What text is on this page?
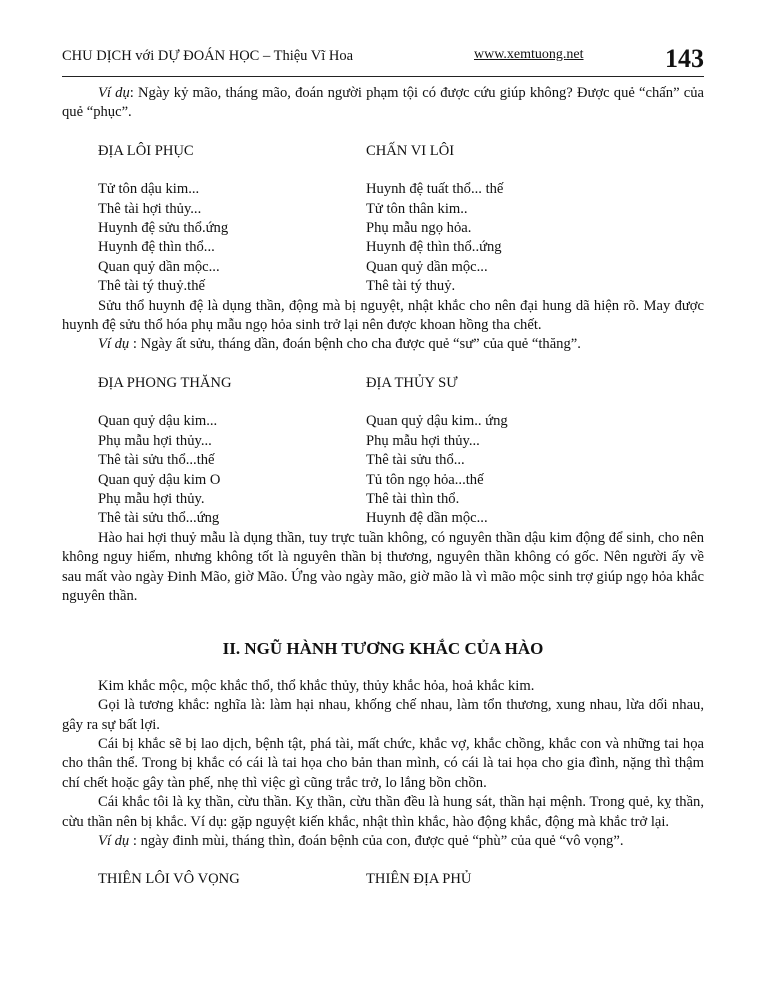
CHU DỊCH với DỰ ĐOÁN HỌC – Thiệu Vĩ Hoa	www.xemtuong.net	143

Ví dụ: Ngày kỷ mão, tháng mão, đoán người phạm tội có được cứu giúp không? Được quẻ “chấn” của quẻ “phục”.

ĐỊA LÔI PHỤC	CHẤN VI LÔI
Tử tôn dậu kim...	Huynh đệ tuất thổ... thế
Thê tài hợi thủy...	Tử tôn thân kim..
Huynh đệ sửu thổ.ứng	Phụ mẫu ngọ hỏa.
Huynh đệ thìn thổ...	Huynh đệ thìn thổ..ứng
Quan quỷ dần mộc...	Quan quỷ dần mộc...
Thê tài tý thuỷ.thế	Thê tài tý thuỷ.

Sửu thổ huynh đệ là dụng thần, động mà bị nguyệt, nhật khắc cho nên đại hung dã hiện rõ. May được huynh đệ sửu thổ hóa phụ mẫu ngọ hỏa sinh trở lại nên được khoan hồng tha chết.

Ví dụ : Ngày ất sửu, tháng dần, đoán bệnh cho cha được quẻ “sư” của quẻ “thăng”.

ĐỊA PHONG THĂNG	ĐỊA THỦY SƯ
Quan quỷ dậu kim...	Quan quỷ dậu kim.. ứng
Phụ mẫu hợi thủy...	Phụ mẫu hợi thủy...
Thê tài sửu thổ...thế	Thê tài sửu thổ...
Quan quỷ dậu kim O	Tủ tôn ngọ hỏa...thế
Phụ mẫu hợi thủy.	Thê tài thìn thổ.
Thê tài sửu thổ...ứng	Huynh đệ dần mộc...

Hào hai hợi thuỷ mẫu là dụng thần, tuy trực tuần không, có nguyên thần dậu kim động để sinh, cho nên không nguy hiểm, nhưng không tốt là nguyên thần bị thương, nguyên thần không có gốc. Nên người ấy về sau mất vào ngày Đinh Mão, giờ Mão. Ứng vào ngày mão, giờ mão là vì mão mộc sinh trợ giúp ngọ hỏa khắc nguyên thần.

II. NGŨ HÀNH TƯƠNG KHẮC CỦA HÀO

Kim khắc mộc, mộc khắc thổ, thổ khắc thủy, thủy khắc hỏa, hoả khắc kim.

Gọi là tương khắc: nghĩa là: làm hại nhau, khống chế nhau, làm tổn thương, xung nhau, lừa dối nhau, gây ra sự bất lợi.

Cái bị khắc sẽ bị lao dịch, bệnh tật, phá tài, mất chức, khắc vợ, khắc chồng, khắc con và những tai họa cho thân thể. Trong bị khắc có cái là tai họa cho bản than mình, có cái là tai họa cho gia đình, nặng thì thậm chí chết hoặc gây tàn phế, nhẹ thì việc gì cũng trắc trở, lo lắng bồn chồn.

Cái khắc tôi là kỵ thần, cừu thần. Kỵ thần, cừu thần đều là hung sát, thần hại mệnh. Trong quẻ, kỵ thần, cừu thần nên bị khắc. Ví dụ: gặp nguyệt kiến khắc, nhật thìn khắc, hào động khắc, động mà khắc trở lại.

Ví dụ : ngày đinh mùi, tháng thìn, đoán bệnh của con, được quẻ “phù” của quẻ “vô vọng”.

THIÊN LÔI VÔ VỌNG	THIÊN ĐỊA PHỦ
